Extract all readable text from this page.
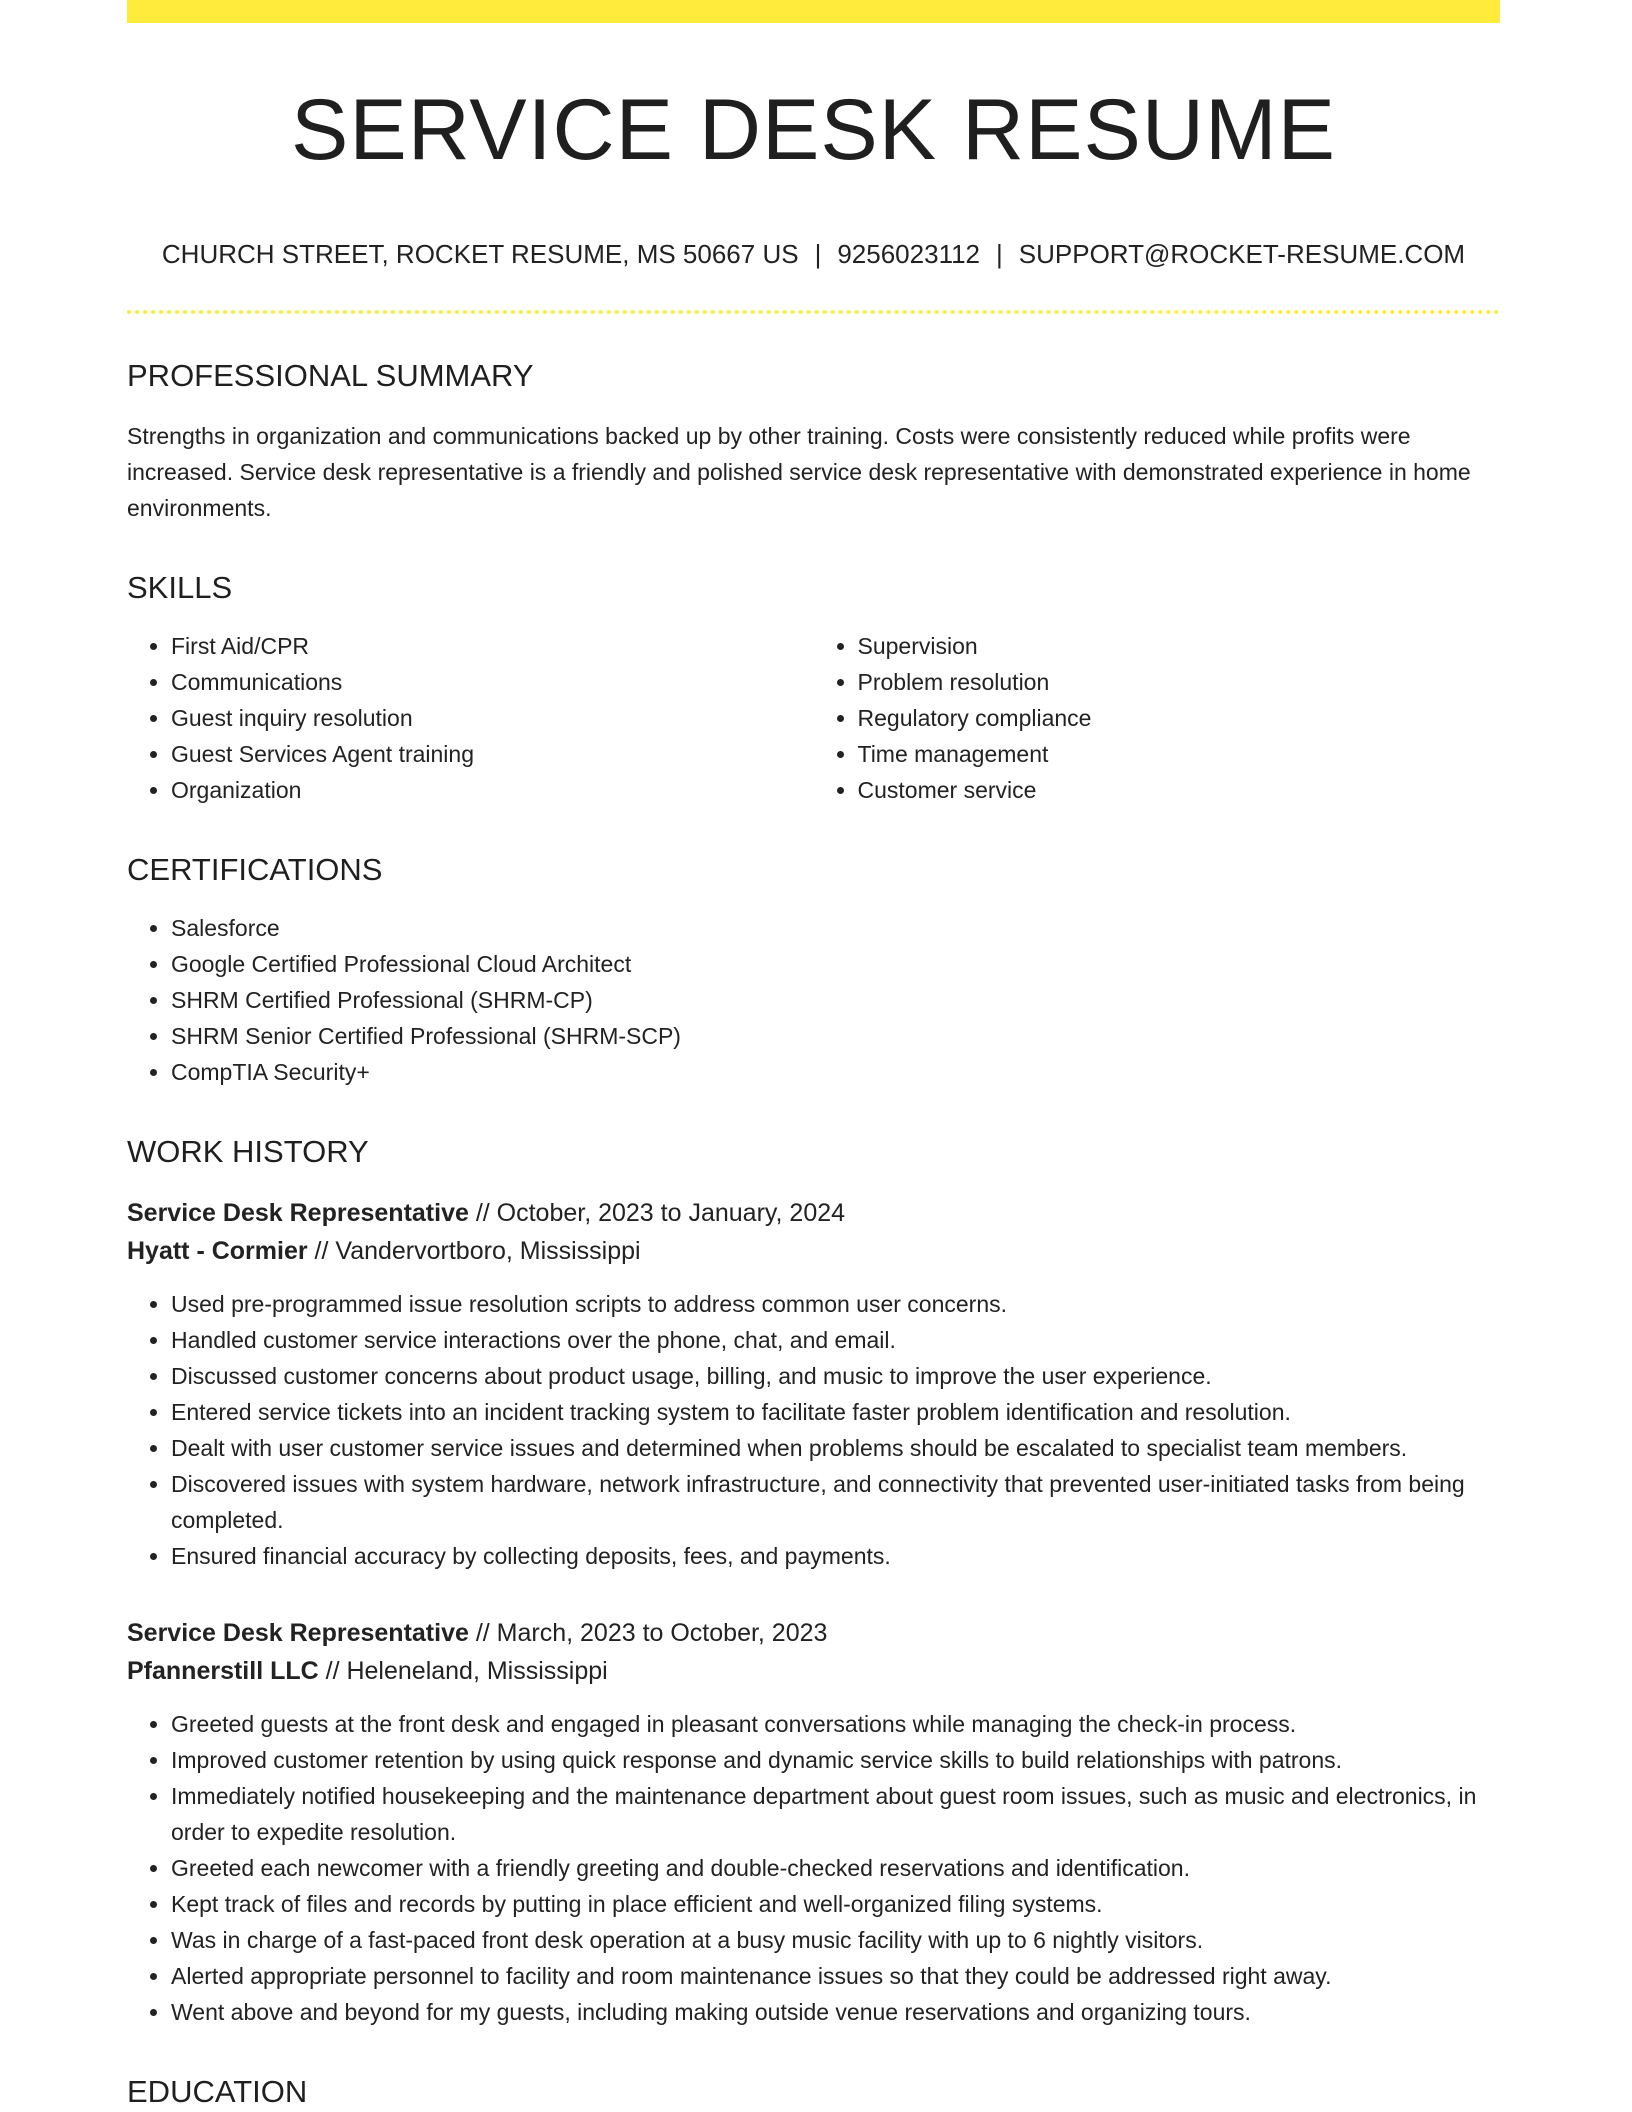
SERVICE DESK RESUME
CHURCH STREET, ROCKET RESUME, MS 50667 US | 9256023112 | SUPPORT@ROCKET-RESUME.COM
PROFESSIONAL SUMMARY

Strengths in organization and communications backed up by other training. Costs were consistently reduced while profits were increased. Service desk representative is a friendly and polished service desk representative with demonstrated experience in home environments.

SKILLS
• First Aid/CPR
• Communications
• Guest inquiry resolution
• Guest Services Agent training
• Organization
• Supervision
• Problem resolution
• Regulatory compliance
• Time management
• Customer service
CERTIFICATIONS
• Salesforce
• Google Certified Professional Cloud Architect
• SHRM Certified Professional (SHRM-CP)
• SHRM Senior Certified Professional (SHRM-SCP)
• CompTIA Security+
WORK HISTORY
Service Desk Representative // October, 2023 to January, 2024
Hyatt - Cormier // Vandervortboro, Mississippi
• Used pre-programmed issue resolution scripts to address common user concerns.
• Handled customer service interactions over the phone, chat, and email.
• Discussed customer concerns about product usage, billing, and music to improve the user experience.
• Entered service tickets into an incident tracking system to facilitate faster problem identification and resolution.
• Dealt with user customer service issues and determined when problems should be escalated to specialist team members.
• Discovered issues with system hardware, network infrastructure, and connectivity that prevented user-initiated tasks from being completed.
• Ensured financial accuracy by collecting deposits, fees, and payments.
Service Desk Representative // March, 2023 to October, 2023
Pfannerstill LLC // Heleneland, Mississippi
• Greeted guests at the front desk and engaged in pleasant conversations while managing the check-in process.
• Improved customer retention by using quick response and dynamic service skills to build relationships with patrons.
• Immediately notified housekeeping and the maintenance department about guest room issues, such as music and electronics, in order to expedite resolution.
• Greeted each newcomer with a friendly greeting and double-checked reservations and identification.
• Kept track of files and records by putting in place efficient and well-organized filing systems.
• Was in charge of a fast-paced front desk operation at a busy music facility with up to 6 nightly visitors.
• Alerted appropriate personnel to facility and room maintenance issues so that they could be addressed right away.
• Went above and beyond for my guests, including making outside venue reservations and organizing tours.
EDUCATION
